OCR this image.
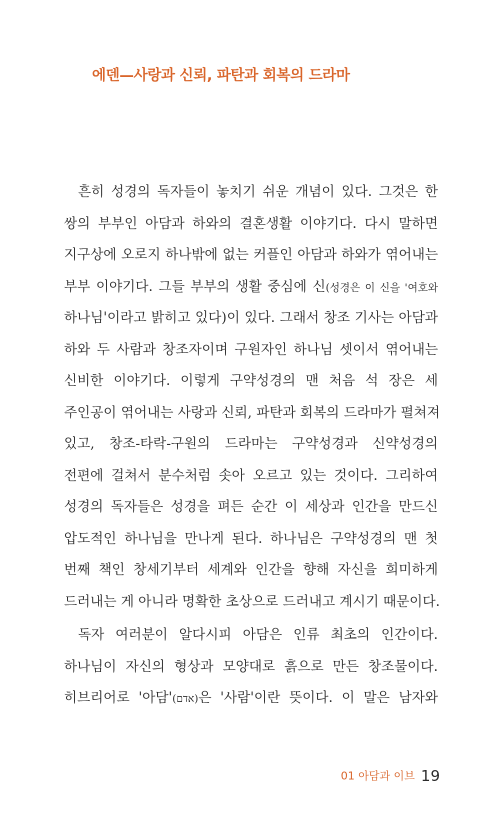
에덴—사랑과 신뢰, 파탄과 회복의 드라마
흔히 성경의 독자들이 놓치기 쉬운 개념이 있다. 그것은 한
쌍의 부부인 아담과 하와의 결혼생활 이야기다. 다시 말하면
지구상에 오로지 하나밖에 없는 커플인 아담과 하와가 엮어내는
부부 이야기다. 그들 부부의 생활 중심에 신(성경은 이 신을 '여호와
하나님'이라고 밝히고 있다)이 있다. 그래서 창조 기사는 아담과
하와 두 사람과 창조자이며 구원자인 하나님 셋이서 엮어내는
신비한 이야기다. 이렇게 구약성경의 맨 처음 석 장은 세
주인공이 엮어내는 사랑과 신뢰, 파탄과 회복의 드라마가 펼쳐져
있고, 창조-타락-구원의 드라마는 구약성경과 신약성경의
전편에 걸쳐서 분수처럼 솟아 오르고 있는 것이다. 그리하여
성경의 독자들은 성경을 펴든 순간 이 세상과 인간을 만드신
압도적인 하나님을 만나게 된다. 하나님은 구약성경의 맨 첫
번째 책인 창세기부터 세계와 인간을 향해 자신을 희미하게
드러내는 게 아니라 명확한 초상으로 드러내고 계시기 때문이다.
독자 여러분이 알다시피 아담은 인류 최초의 인간이다.
하나님이 자신의 형상과 모양대로 흙으로 만든 창조물이다.
히브리어로 '아담'(אדם)은 '사람'이란 뜻이다. 이 말은 남자와
01 아담과 이브 19
